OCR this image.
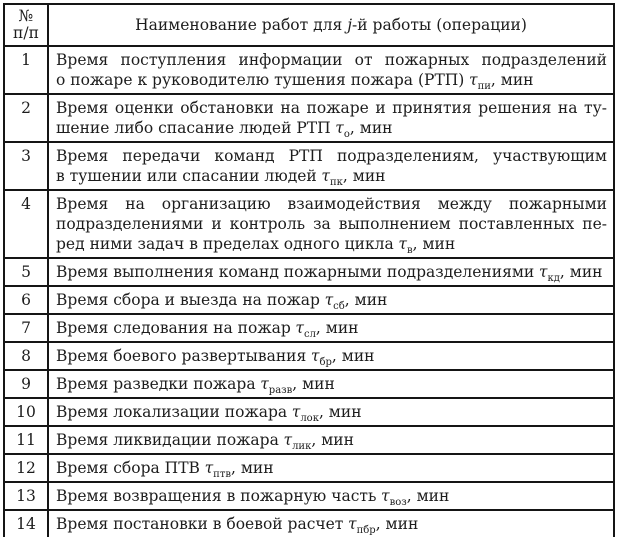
№
п/п	Наименование работ для j-й работы (операции)
1	Время поступления информации от пожарных подразделений
о пожаре к руководителю тушения пожара (РТП) $\tau_{пи}$, мин

2	Время оценки обстановки на пожаре и принятия решения на ту-
шение либо спасание людей РТП $\tau_о$, мин

3	Время передачи команд РТП подразделениям, участвующим
в тушении или спасании людей $\tau_{пк}$, мин

4	Время на организацию взаимодействия между пожарными
подразделениями и контроль за выполнением поставленных пе-
ред ними задач в пределах одного цикла $\tau_в$, мин

5	Время выполнения команд пожарными подразделениями $\tau_{кд}$, мин

6	Время сбора и выезда на пожар $\tau_{сб}$, мин

7	Время следования на пожар $\tau_{сл}$, мин

8	Время боевого развертывания $\tau_{бр}$, мин

9	Время разведки пожара $\tau_{разв}$, мин

10	Время локализации пожара $\tau_{лок}$, мин

11	Время ликвидации пожара $\tau_{лик}$, мин

12	Время сбора ПТВ $\tau_{птв}$, мин

13	Время возвращения в пожарную часть $\tau_{воз}$, мин

14	Время постановки в боевой расчет $\tau_{пбр}$, мин
